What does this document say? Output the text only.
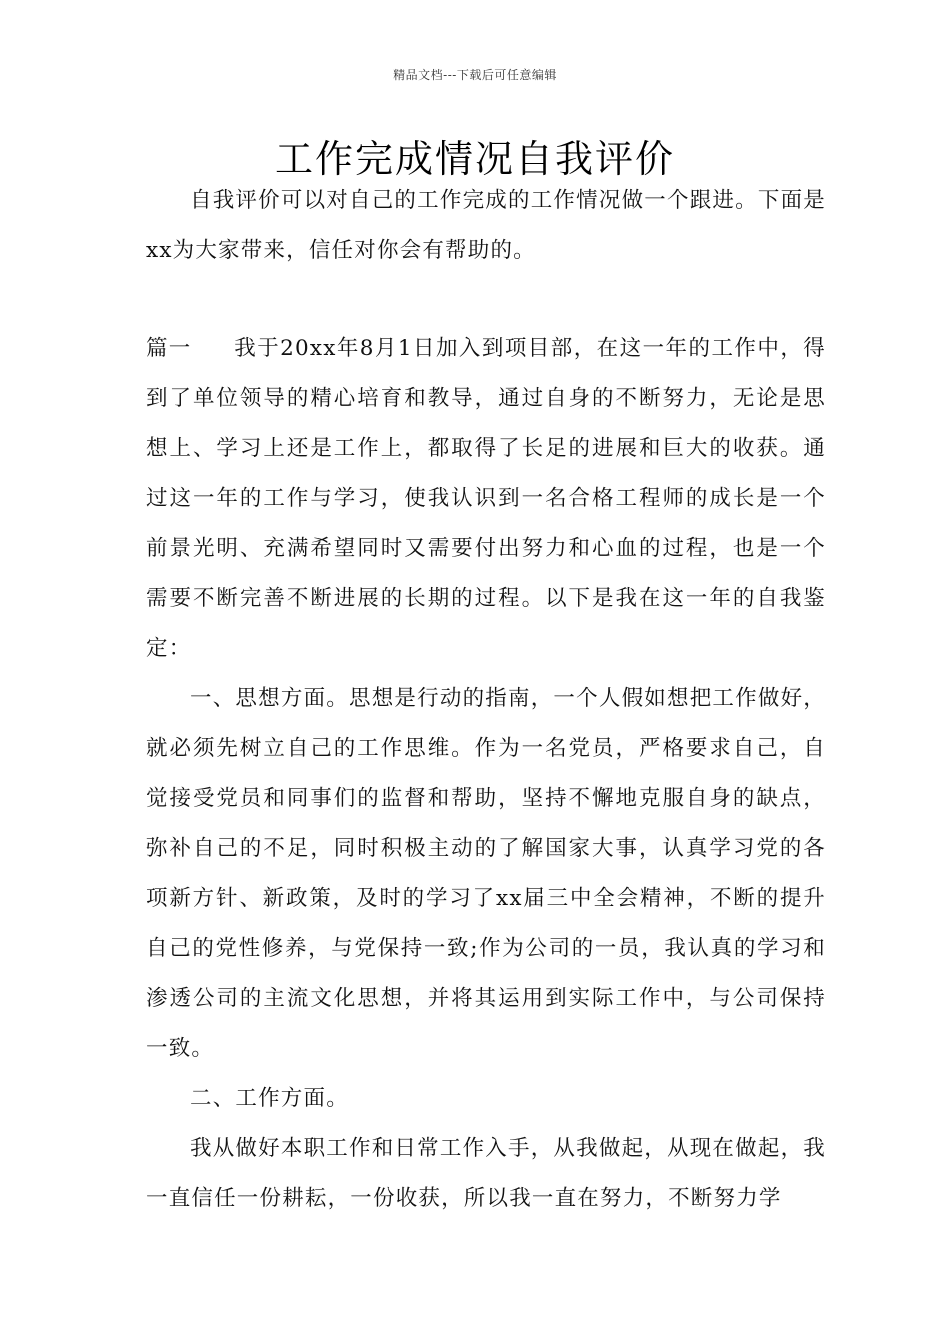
精品文档---下载后可任意编辑
工作完成情况自我评价

自我评价可以对自己的工作完成的工作情况做一个跟进。下面是xx为大家带来，信任对你会有帮助的。

篇一 我于20xx年8月1日加入到项目部，在这一年的工作中，得到了单位领导的精心培育和教导，通过自身的不断努力，无论是思想上、学习上还是工作上，都取得了长足的进展和巨大的收获。通过这一年的工作与学习，使我认识到一名合格工程师的成长是一个前景光明、充满希望同时又需要付出努力和心血的过程，也是一个需要不断完善不断进展的长期的过程。以下是我在这一年的自我鉴定：

一、思想方面。思想是行动的指南，一个人假如想把工作做好，就必须先树立自己的工作思维。作为一名党员，严格要求自己，自觉接受党员和同事们的监督和帮助，坚持不懈地克服自身的缺点，弥补自己的不足，同时积极主动的了解国家大事，认真学习党的各项新方针、新政策，及时的学习了xx届三中全会精神，不断的提升自己的党性修养，与党保持一致;作为公司的一员，我认真的学习和渗透公司的主流文化思想，并将其运用到实际工作中，与公司保持一致。

二、工作方面。

我从做好本职工作和日常工作入手，从我做起，从现在做起，我一直信任一份耕耘，一份收获，所以我一直在努力，不断努力学
